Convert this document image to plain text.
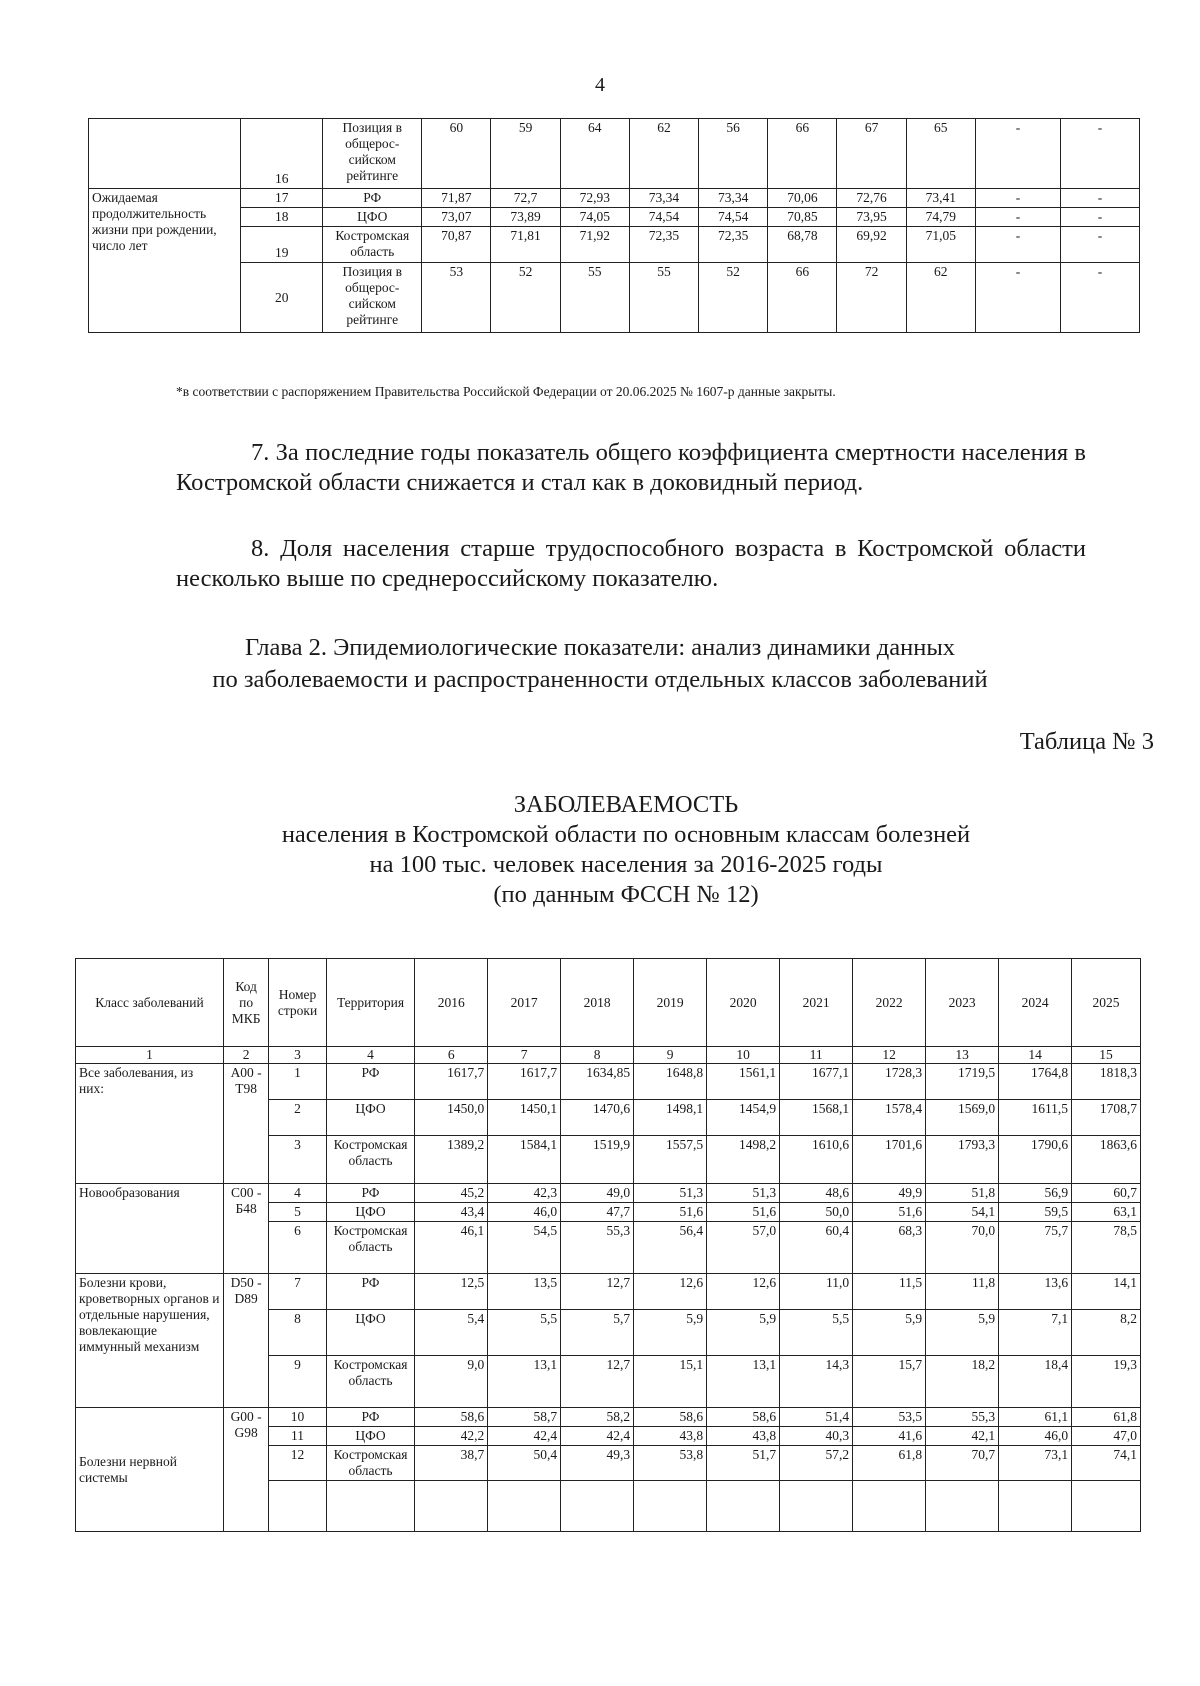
4
	16	Позиция в общероссийском рейтинге	60	59	64	62	56	66	67	65	-	-
Ожидаемая продолжительность жизни при рождении, число лет	17	РФ	71,87	72,7	72,93	73,34	73,34	70,06	72,76	73,41	-	-
	18	ЦФО	73,07	73,89	74,05	74,54	74,54	70,85	73,95	74,79	-	-
	19	Костромская область	70,87	71,81	71,92	72,35	72,35	68,78	69,92	71,05	-	-
	20	Позиция в общероссийском рейтинге	53	52	55	55	52	66	72	62	-	-
*в соответствии с распоряжением Правительства Российской Федерации от 20.06.2025 № 1607-р данные закрыты.
7. За последние годы показатель общего коэффициента смертности населения в Костромской области снижается и стал как в доковидный период.
8. Доля населения старше трудоспособного возраста в Костромской области несколько выше по среднероссийскому показателю.
Глава 2. Эпидемиологические показатели: анализ динамики данных
по заболеваемости и распространенности отдельных классов заболеваний
Таблица № 3
ЗАБОЛЕВАЕМОСТЬ
населения в Костромской области по основным классам болезней
на 100 тыс. человек населения за 2016-2025 годы
(по данным ФССН № 12)
Класс заболеваний	Код по МКБ	Номер строки	Территория	2016	2017	2018	2019	2020	2021	2022	2023	2024	2025
1	2	3	4	6	7	8	9	10	11	12	13	14	15
Все заболевания, из них:	A00 - T98	1	РФ	1617,7	1617,7	1634,85	1648,8	1561,1	1677,1	1728,3	1719,5	1764,8	1818,3
		2	ЦФО	1450,0	1450,1	1470,6	1498,1	1454,9	1568,1	1578,4	1569,0	1611,5	1708,7
		3	Костромская область	1389,2	1584,1	1519,9	1557,5	1498,2	1610,6	1701,6	1793,3	1790,6	1863,6
Новообразования	C00 - Б48	4	РФ	45,2	42,3	49,0	51,3	51,3	48,6	49,9	51,8	56,9	60,7
		5	ЦФО	43,4	46,0	47,7	51,6	51,6	50,0	51,6	54,1	59,5	63,1
		6	Костромская область	46,1	54,5	55,3	56,4	57,0	60,4	68,3	70,0	75,7	78,5
Болезни крови, кроветворных органов и отдельные нарушения, вовлекающие иммунный механизм	D50 - D89	7	РФ	12,5	13,5	12,7	12,6	12,6	11,0	11,5	11,8	13,6	14,1
		8	ЦФО	5,4	5,5	5,7	5,9	5,9	5,5	5,9	5,9	7,1	8,2
		9	Костромская область	9,0	13,1	12,7	15,1	13,1	14,3	15,7	18,2	18,4	19,3
Болезни нервной системы	G00 - G98	10	РФ	58,6	58,7	58,2	58,6	58,6	51,4	53,5	55,3	61,1	61,8
		11	ЦФО	42,2	42,4	42,4	43,8	43,8	40,3	41,6	42,1	46,0	47,0
		12	Костромская область	38,7	50,4	49,3	53,8	51,7	57,2	61,8	70,7	73,1	74,1
